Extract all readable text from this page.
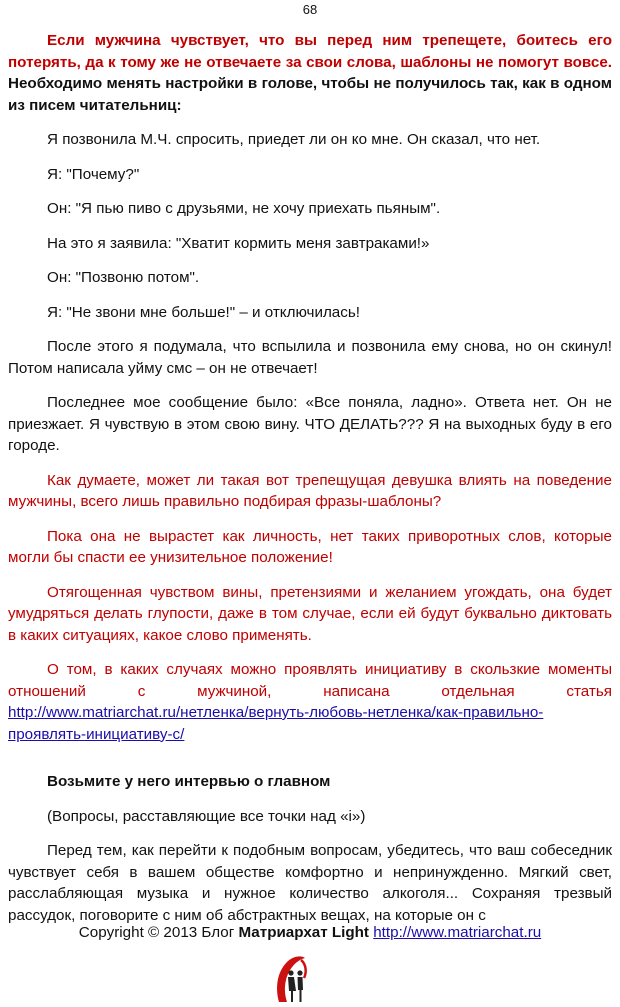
68

Если мужчина чувствует, что вы перед ним трепещете, боитесь его потерять, да к тому же не отвечаете за свои слова, шаблоны не помогут вовсе. Необходимо менять настройки в голове, чтобы не получилось так, как в одном из писем читательниц:

Я позвонила М.Ч. спросить, приедет ли он ко мне. Он сказал, что нет.

Я: "Почему?"

Он: "Я пью пиво с друзьями, не хочу приехать пьяным".

На это я заявила: "Хватит кормить меня завтраками!»

Он: "Позвоню потом".

Я: "Не звони мне больше!" – и отключилась!

После этого я подумала, что вспылила и позвонила ему снова, но он скинул! Потом написала уйму смс – он не отвечает!

Последнее мое сообщение было: «Все поняла, ладно». Ответа нет. Он не приезжает. Я чувствую в этом свою вину. ЧТО ДЕЛАТЬ??? Я на выходных буду в его городе.

Как думаете, может ли такая вот трепещущая девушка влиять на поведение мужчины, всего лишь правильно подбирая фразы-шаблоны?

Пока она не вырастет как личность, нет таких приворотных слов, которые могли бы спасти ее унизительное положение!

Отягощенная чувством вины, претензиями и желанием угождать, она будет умудряться делать глупости, даже в том случае, если ей будут буквально диктовать в каких ситуациях, какое слово применять.

О том, в каких случаях можно проявлять инициативу в скользкие моменты отношений с мужчиной, написана отдельная статья

http://www.matriarchat.ru/нетленка/вернуть-любовь-нетленка/как-правильно-проявлять-инициативу-с/

Возьмите у него интервью о главном

(Вопросы, расставляющие все точки над «i»)

Перед тем, как перейти к подобным вопросам, убедитесь, что ваш собеседник чувствует себя в вашем обществе комфортно и непринужденно. Мягкий свет, расслабляющая музыка и нужное количество алкоголя... Сохраняя трезвый рассудок, поговорите с ним об абстрактных вещах, на которые он с

Copyright © 2013 Блог Матриархат Light http://www.matriarchat.ru
